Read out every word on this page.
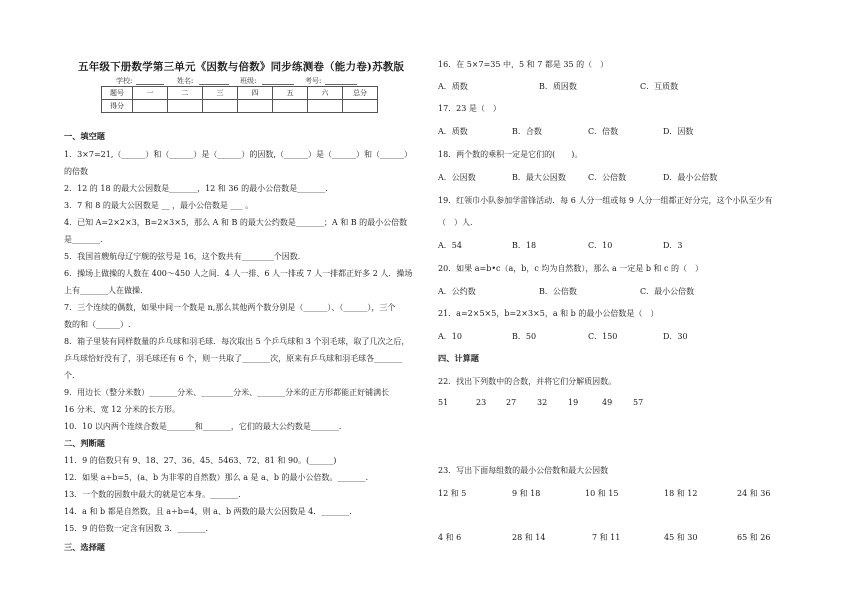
五年级下册数学第三单元《因数与倍数》同步练测卷（能力卷)苏教版
学校:	姓名:	班级:	考号:
题号	一	二	三	四	五	六	总分
得分							
一、填空题
1．3×7=21,（______）和（______）是（______）的因数,（______）是（______）和（______）
的倍数
2．12 的 18 的最大公因数是_______，12 和 36 的最小公倍数是_______.
3．7 和 8 的最大公因数是 __ ，最小公倍数是 ___ 。
4．已知 A=2×2×3，B=2×3×5，那么 A 和 B 的最大公约数是_______；A 和 B 的最小公倍数
是_______.
5．我国首艘航母辽宁舰的弦号是 16，这个数共有________个因数.
6．操场上做操的人数在 400～450 人之间．4 人一排、6 人一排或 7 人一排都正好多 2 人．操场
上有_______人在做操.
7．三个连续的偶数，如果中间一个数是 n,那么其他两个数分别是（______）、（______），三个
数的和（______）.
8．箱子里装有同样数量的乒乓球和羽毛球．每次取出 5 个乒乓球和 3 个羽毛球，取了几次之后，
乒乓球恰好没有了，羽毛球还有 6 个，则一共取了_______次，原来有乒乓球和羽毛球各_______
个.
9．用边长（整分米数）_______分米、________分米、_______分米的正方形都能正好铺满长
16 分米、宽 12 分米的长方形。
10．10 以内两个连续合数是_______和_______，它们的最大公约数是_______.
二、判断题
11．9 的倍数只有 9、18、27、36、45、5463、72、81 和 90。(______)
12．如果 a÷b=5，(a、b 为非零的自然数）那么 a 是 a、b 的最小公倍数。_______.
13．一个数的因数中最大的就是它本身。_______.
14．a 和 b 都是自然数，且 a÷b=4，则 a、b 两数的最大公因数是 4．_______.
15．9 的倍数一定含有因数 3．_______.
三、选择题
16．在 5×7=35 中，5 和 7 都是 35 的（　）
A．质数	B．质因数	C．互质数
17．23 是（　）
A．质数	B．合数	C．倍数	D．因数
18．两个数的乘积一定是它们的(　　)。
A．公因数	B．最大公因数	C．公倍数	D．最小公倍数
19．红领巾小队参加学雷锋活动．每 6 人分一组或每 9 人分一组都正好分完，这个小队至少有
（　）人.
A．54	B．18	C．10	D．3
20．如果 a=b•c（a，b，c 均为自然数），那么 a 一定是 b 和 c 的（　）
A．公约数	B．公倍数	C．最小公倍数
21．a=2×5×5，b=2×3×5，a 和 b 的最小公倍数是（　）
A．10	B．50	C．150	D．30
四、计算题
22．找出下列数中的合数，并将它们分解质因数。
51	23 27	32	19	49	57
23．写出下面每组数的最小公倍数和最大公因数
12 和 5	9 和 18	10 和 15	18 和 12	24 和 36
4 和 6	28 和 14	7 和 11	45 和 30	65 和 26
